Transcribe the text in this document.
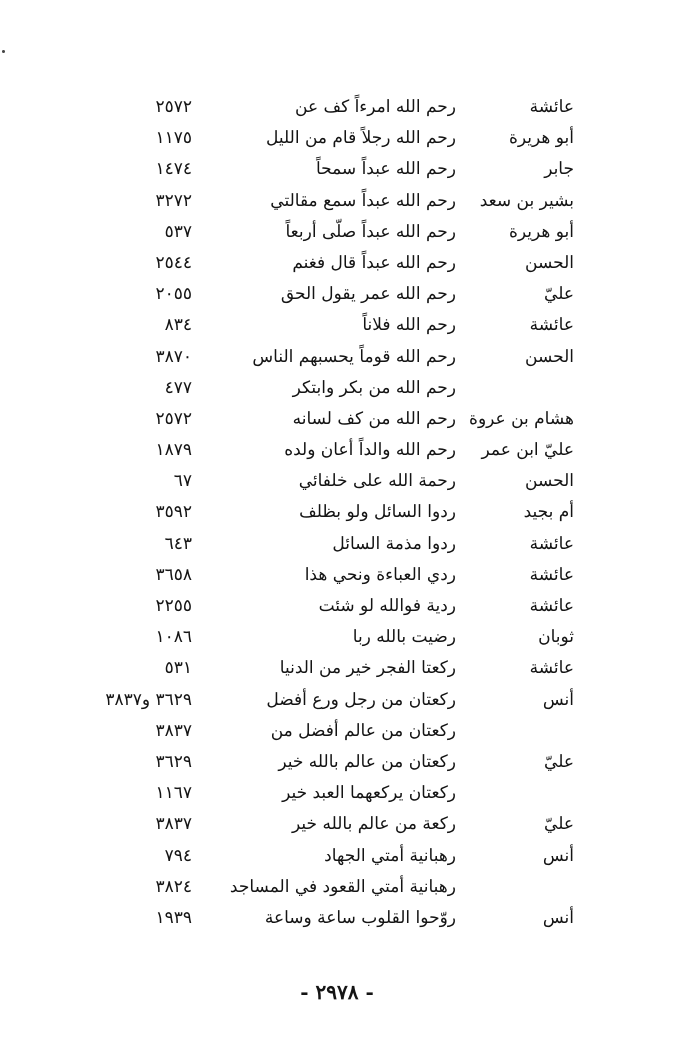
عائشة
رحم الله امرءاً كف عن
٢٥٧٢
أبو هريرة
رحم الله رجلاً قام من الليل
١١٧٥
جابر
رحم الله عبداً سمحاً
١٤٧٤
بشير بن سعد
رحم الله عبداً سمع مقالتي
٣٢٧٢
أبو هريرة
رحم الله عبداً صلّى أربعاً
٥٣٧
الحسن
رحم الله عبداً قال فغنم
٢٥٤٤
عليّ
رحم الله عمر يقول الحق
٢٠٥٥
عائشة
رحم الله فلاناً
٨٣٤
الحسن
رحم الله قوماً يحسبهم الناس
٣٨٧٠
رحم الله من بكر وابتكر
٤٧٧
هشام بن عروة
رحم الله من كف لسانه
٢٥٧٢
عليّ ابن عمر
رحم الله والداً أعان ولده
١٨٧٩
الحسن
رحمة الله على خلفائي
٦٧
أم بجيد
ردوا السائل ولو بظلف
٣٥٩٢
عائشة
ردوا مذمة السائل
٦٤٣
عائشة
ردي العباءة ونحي هذا
٣٦٥٨
عائشة
ردية فوالله لو شئت
٢٢٥٥
ثوبان
رضيت بالله ربا
١٠٨٦
عائشة
ركعتا الفجر خير من الدنيا
٥٣١
أنس
ركعتان من رجل ورع أفضل
٣٦٢٩ و٣٨٣٧
ركعتان من عالم أفضل من
٣٨٣٧
عليّ
ركعتان من عالم بالله خير
٣٦٢٩
ركعتان يركعهما العبد خير
١١٦٧
عليّ
ركعة من عالم بالله خير
٣٨٣٧
أنس
رهبانية أمتي الجهاد
٧٩٤
رهبانية أمتي القعود في المساجد
٣٨٢٤
أنس
روّحوا القلوب ساعة وساعة
١٩٣٩
- ٢٩٧٨ -
